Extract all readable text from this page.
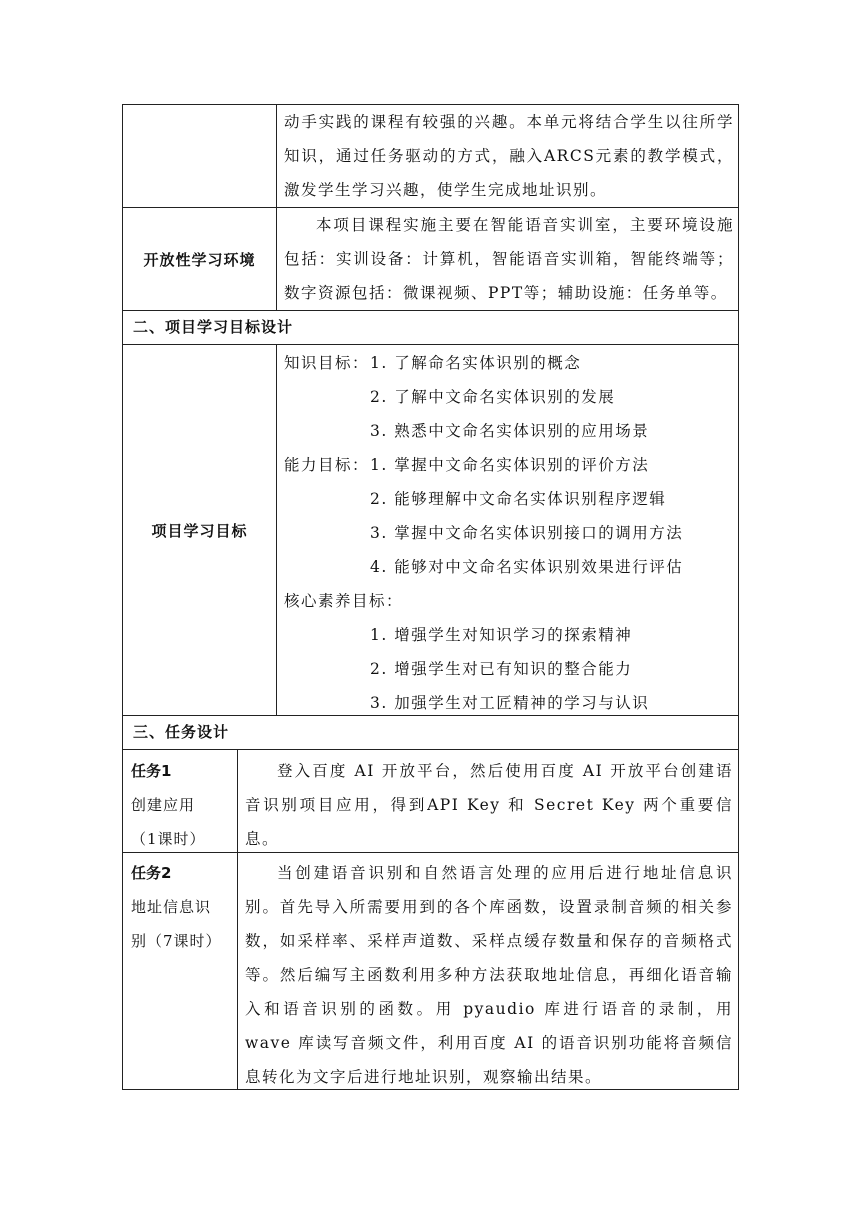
动手实践的课程有较强的兴趣。本单元将结合学生以往所学知识，通过任务驱动的方式，融入ARCS元素的教学模式，激发学生学习兴趣，使学生完成地址识别。
开放性学习环境
本项目课程实施主要在智能语音实训室，主要环境设施包括：实训设备：计算机，智能语音实训箱，智能终端等；数字资源包括：微课视频、PPT等；辅助设施：任务单等。
二、项目学习目标设计
项目学习目标
知识目标： 1. 了解命名实体识别的概念
2. 了解中文命名实体识别的发展
3. 熟悉中文命名实体识别的应用场景
能力目标： 1. 掌握中文命名实体识别的评价方法
2. 能够理解中文命名实体识别程序逻辑
3. 掌握中文命名实体识别接口的调用方法
4. 能够对中文命名实体识别效果进行评估
核心素养目标：
1. 增强学生对知识学习的探索精神
2. 增强学生对已有知识的整合能力
3. 加强学生对工匠精神的学习与认识
三、任务设计
任务1
创建应用
（1课时）
登入百度 AI 开放平台，然后使用百度 AI 开放平台创建语音识别项目应用，得到API Key 和 Secret Key 两个重要信息。
任务2
地址信息识
别（7课时）
当创建语音识别和自然语言处理的应用后进行地址信息识别。首先导入所需要用到的各个库函数，设置录制音频的相关参数，如采样率、采样声道数、采样点缓存数量和保存的音频格式等。然后编写主函数利用多种方法获取地址信息，再细化语音输入和语音识别的函数。用 pyaudio 库进行语音的录制，用 wave 库读写音频文件，利用百度 AI 的语音识别功能将音频信息转化为文字后进行地址识别，观察输出结果。
